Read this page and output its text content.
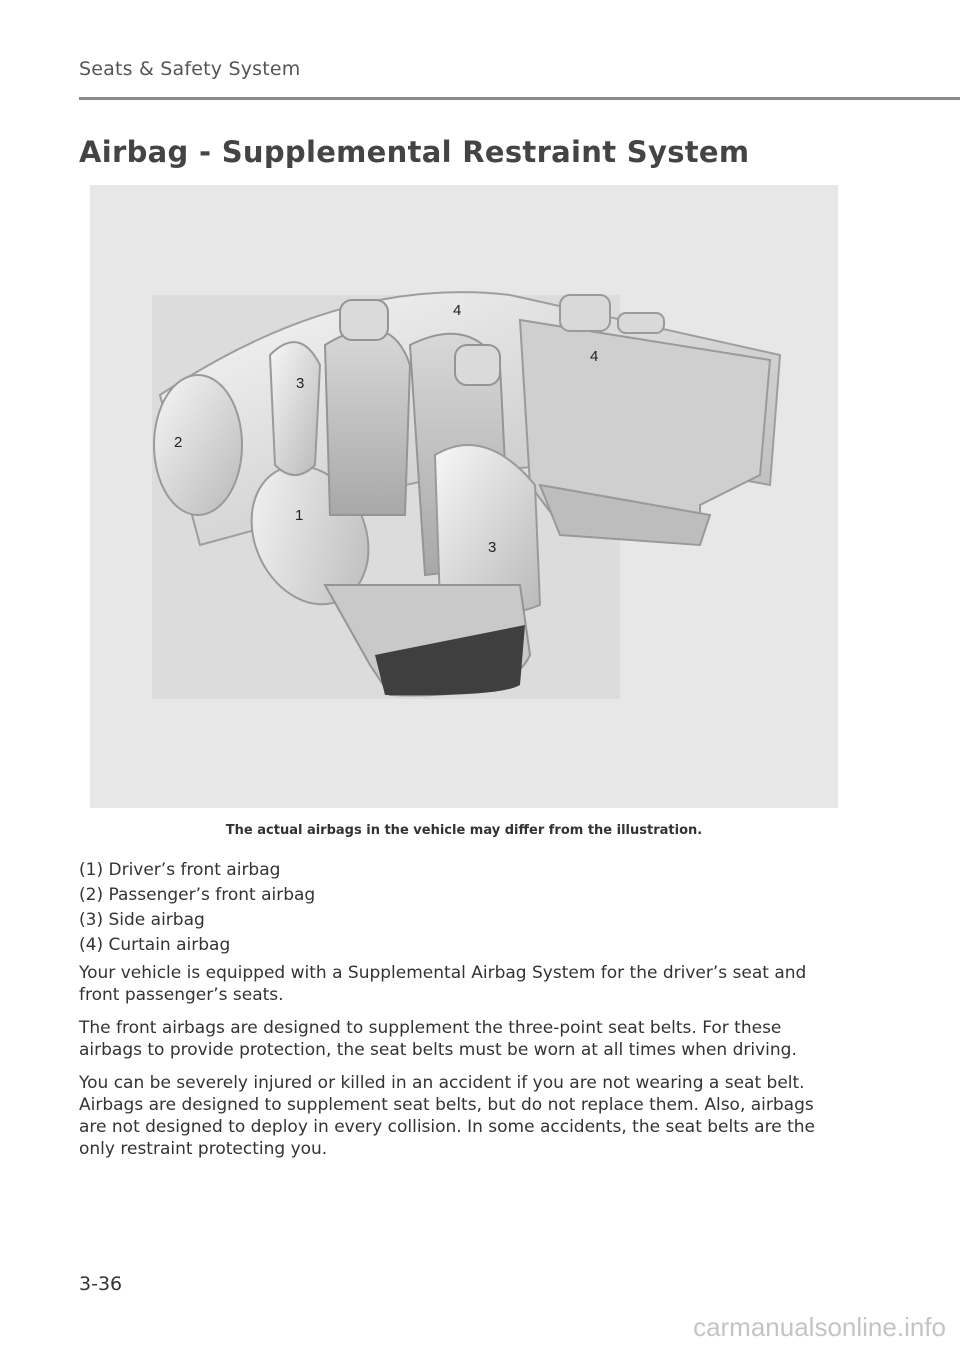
Seats & Safety System
Airbag - Supplemental Restraint System
4
4
3
2
1
3
The actual airbags in the vehicle may differ from the illustration.
(1) Driver’s front airbag
(2) Passenger’s front airbag
(3) Side airbag
(4) Curtain airbag

Your vehicle is equipped with a Supplemental Airbag System for the driver’s seat and front passenger’s seats.

The front airbags are designed to supplement the three-point seat belts. For these airbags to provide protection, the seat belts must be worn at all times when driving.

You can be severely injured or killed in an accident if you are not wearing a seat belt. Airbags are designed to supplement seat belts, but do not replace them. Also, airbags are not designed to deploy in every collision. In some accidents, the seat belts are the only restraint protecting you.

3-36
carmanualsonline.info
